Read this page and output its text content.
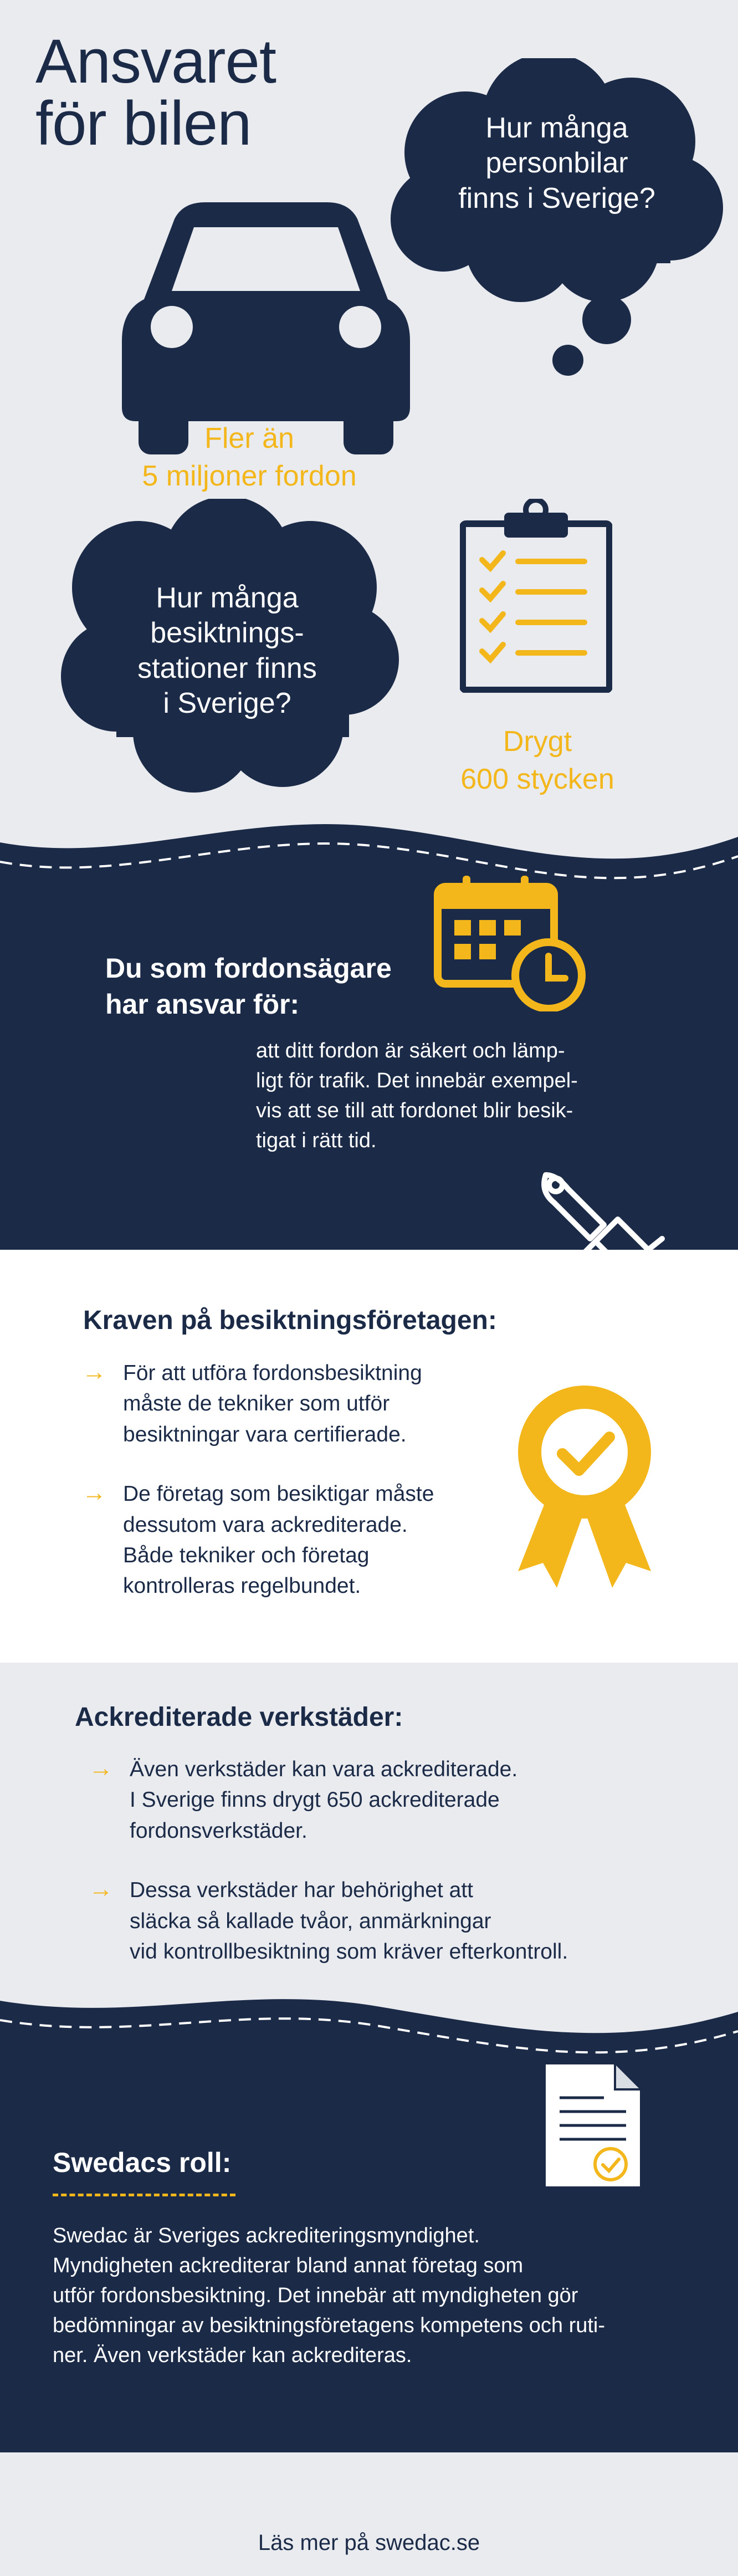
Ansvaret
för bilen	Hur många
personbilar
finns i Sverige?
Fler än
5 miljoner fordon
Hur många
besiktnings-
stationer finns
i Sverige?
Drygt
600 stycken
Du som fordonsägare
har ansvar för:
att ditt fordon är säkert och lämp-
ligt för trafik. Det innebär exempel-
vis att se till att fordonet blir besik-
tigat i rätt tid.
Kraven på besiktningsföretagen:
→ För att utföra fordonsbesiktning
måste de tekniker som utför
besiktningar vara certifierade.
→ De företag som besiktigar måste
dessutom vara ackrediterade.
Både tekniker och företag
kontrolleras regelbundet.
Ackrediterade verkstäder:
→ Även verkstäder kan vara ackrediterade.
I Sverige finns drygt 650 ackrediterade
fordonsverkstäder.
→ Dessa verkstäder har behörighet att
släcka så kallade tvåor, anmärkningar
vid kontrollbesiktning som kräver efterkontroll.
Swedacs roll:
Swedac är Sveriges ackrediteringsmyndighet.
Myndigheten ackrediterar bland annat företag som
utför fordonsbesiktning. Det innebär att myndigheten gör
bedömningar av besiktningsföretagens kompetens och ruti-
ner. Även verkstäder kan ackrediteras.
Läs mer på swedac.se
